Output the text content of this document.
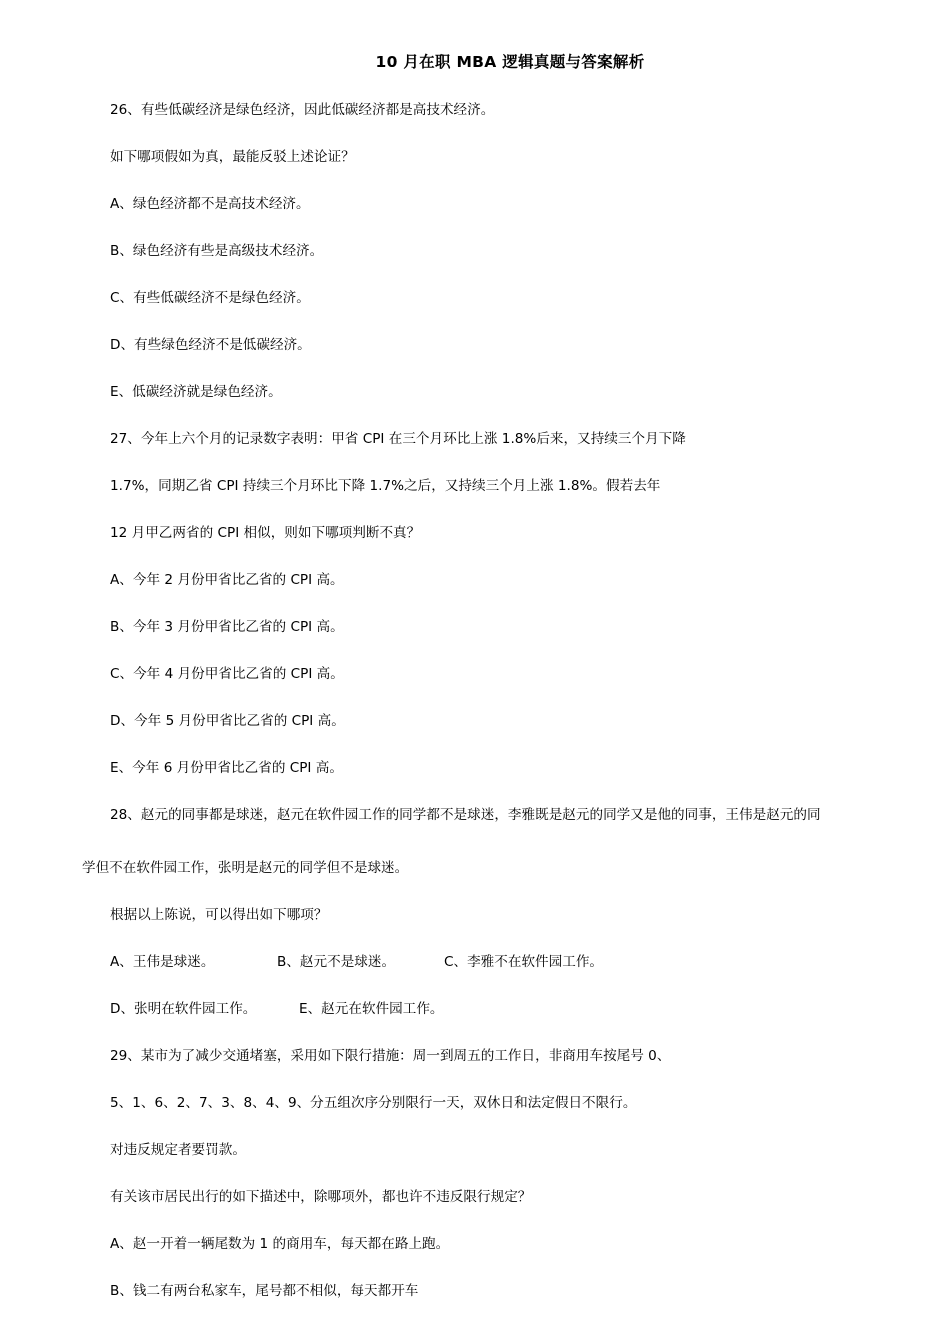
10 月在职 MBA 逻辑真题与答案解析
26、有些低碳经济是绿色经济，因此低碳经济都是高技术经济。
如下哪项假如为真，最能反驳上述论证？
A、绿色经济都不是高技术经济。
B、绿色经济有些是高级技术经济。
C、有些低碳经济不是绿色经济。
D、有些绿色经济不是低碳经济。
E、低碳经济就是绿色经济。
27、今年上六个月的记录数字表明：甲省 CPI 在三个月环比上涨 1.8%后来，又持续三个月下降
1.7%，同期乙省 CPI 持续三个月环比下降 1.7%之后，又持续三个月上涨 1.8%。假若去年
12 月甲乙两省的 CPI 相似，则如下哪项判断不真？
A、今年 2 月份甲省比乙省的 CPI 高。
B、今年 3 月份甲省比乙省的 CPI 高。
C、今年 4 月份甲省比乙省的 CPI 高。
D、今年 5 月份甲省比乙省的 CPI 高。
E、今年 6 月份甲省比乙省的 CPI 高。
28、赵元的同事都是球迷，赵元在软件园工作的同学都不是球迷，李雅既是赵元的同学又是他的同事，王伟是赵元的同
学但不在软件园工作，张明是赵元的同学但不是球迷。
根据以上陈说，可以得出如下哪项？
A、王伟是球迷。	B、赵元不是球迷。	C、李雅不在软件园工作。
D、张明在软件园工作。	E、赵元在软件园工作。
29、某市为了减少交通堵塞，采用如下限行措施：周一到周五的工作日，非商用车按尾号 0、
5、1、6、2、7、3、8、4、9、分五组次序分别限行一天，双休日和法定假日不限行。
对违反规定者要罚款。
有关该市居民出行的如下描述中，除哪项外，都也许不违反限行规定？
A、赵一开着一辆尾数为 1 的商用车，每天都在路上跑。
B、钱二有两台私家车，尾号都不相似，每天都开车
